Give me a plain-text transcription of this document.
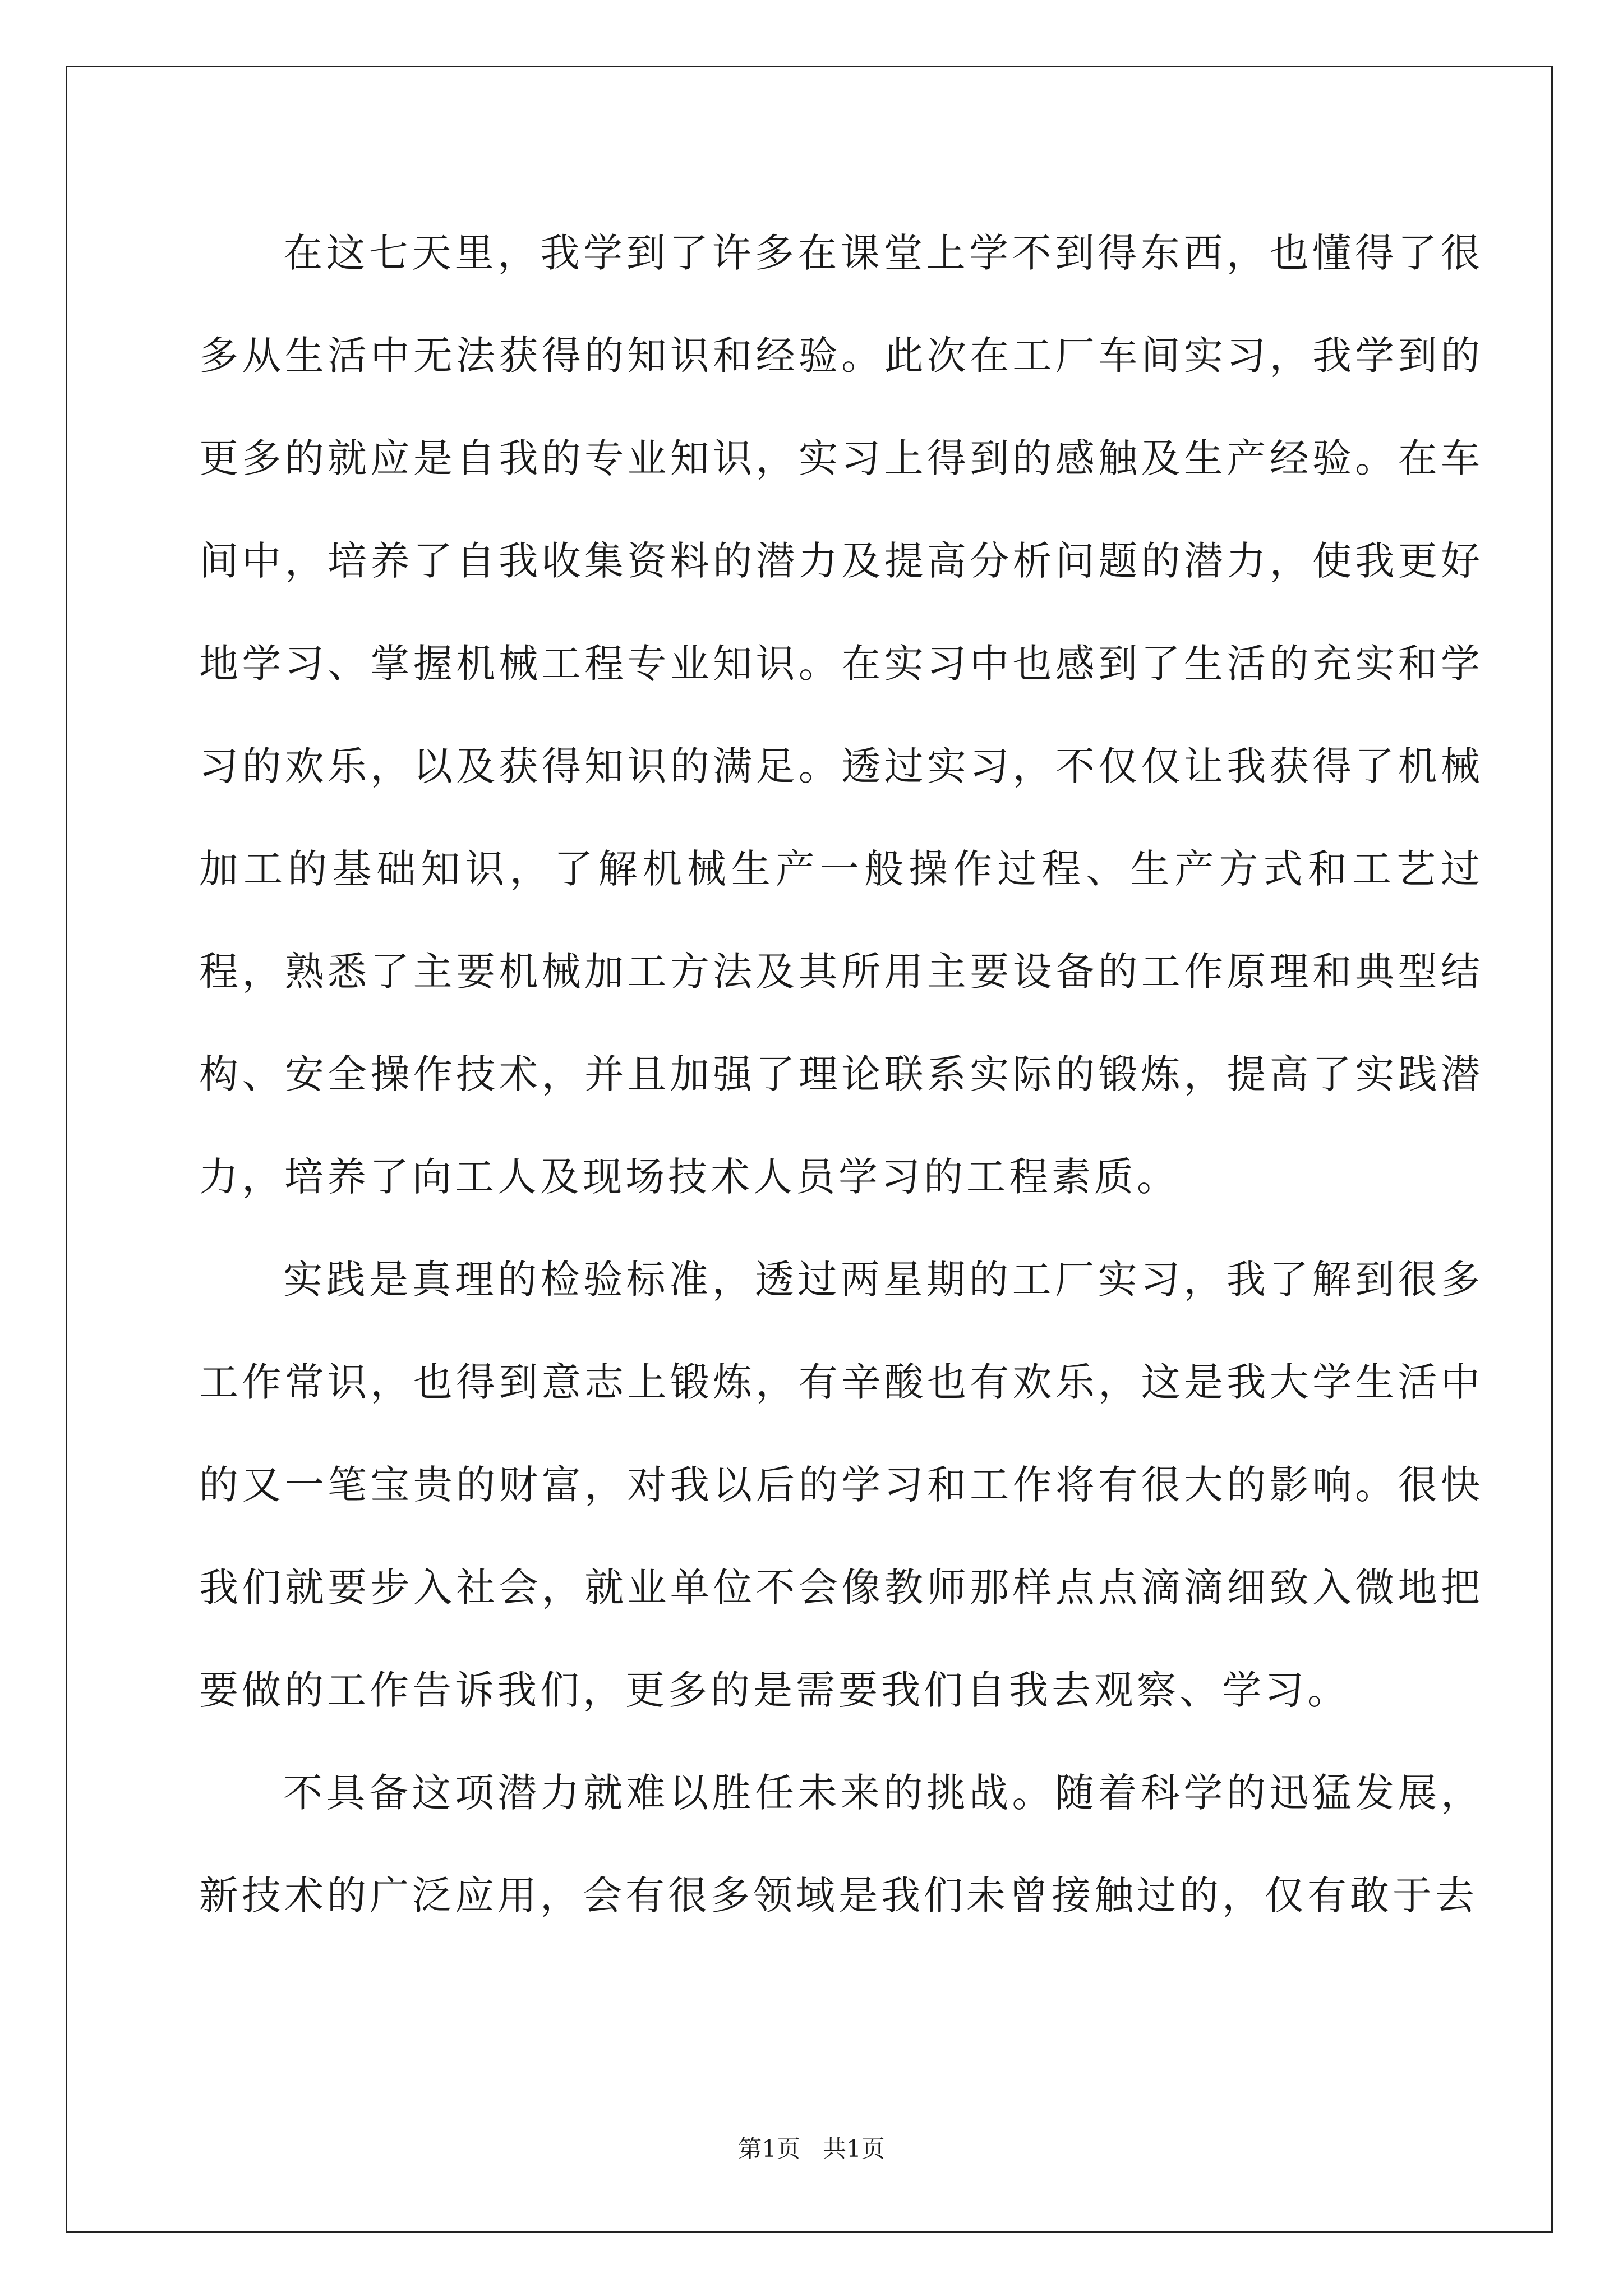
在这七天里，我学到了许多在课堂上学不到得东西，也懂得了很多从生活中无法获得的知识和经验。此次在工厂车间实习，我学到的更多的就应是自我的专业知识，实习上得到的感触及生产经验。在车间中，培养了自我收集资料的潜力及提高分析问题的潜力，使我更好地学习、掌握机械工程专业知识。在实习中也感到了生活的充实和学习的欢乐，以及获得知识的满足。透过实习，不仅仅让我获得了机械加工的基础知识，了解机械生产一般操作过程、生产方式和工艺过程，熟悉了主要机械加工方法及其所用主要设备的工作原理和典型结构、安全操作技术，并且加强了理论联系实际的锻炼，提高了实践潜力，培养了向工人及现场技术人员学习的工程素质。

实践是真理的检验标准，透过两星期的工厂实习，我了解到很多工作常识，也得到意志上锻炼，有辛酸也有欢乐，这是我大学生活中的又一笔宝贵的财富，对我以后的学习和工作将有很大的影响。很快我们就要步入社会，就业单位不会像教师那样点点滴滴细致入微地把要做的工作告诉我们，更多的是需要我们自我去观察、学习。

不具备这项潜力就难以胜任未来的挑战。随着科学的迅猛发展，新技术的广泛应用，会有很多领域是我们未曾接触过的，仅有敢于去

第1页   共1页
